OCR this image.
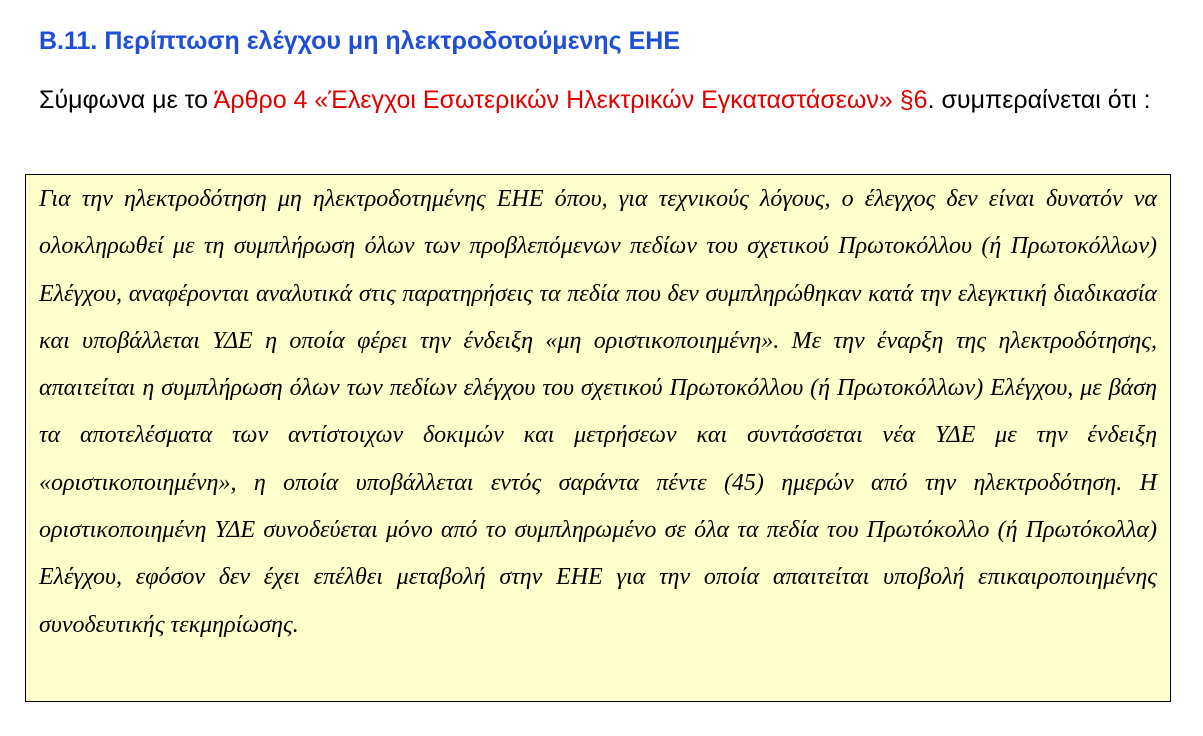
B.11. Περίπτωση ελέγχου μη ηλεκτροδοτούμενης ΕΗΕ

Σύμφωνα με το Άρθρο 4 «Έλεγχοι Εσωτερικών Ηλεκτρικών Εγκαταστάσεων» §6. συμπεραίνεται ότι :

Για την ηλεκτροδότηση μη ηλεκτροδοτημένης ΕΗΕ όπου, για τεχνικούς λόγους, ο έλεγχος δεν είναι δυνατόν να ολοκληρωθεί με τη συμπλήρωση όλων των προβλεπόμενων πεδίων του σχετικού Πρωτοκόλλου (ή Πρωτοκόλλων) Ελέγχου, αναφέρονται αναλυτικά στις παρατηρήσεις τα πεδία που δεν συμπληρώθηκαν κατά την ελεγκτική διαδικασία και υποβάλλεται ΥΔΕ η οποία φέρει την ένδειξη «μη οριστικοποιημένη». Με την έναρξη της ηλεκτροδότησης, απαιτείται η συμπλήρωση όλων των πεδίων ελέγχου του σχετικού Πρωτοκόλλου (ή Πρωτοκόλλων) Ελέγχου, με βάση τα αποτελέσματα των αντίστοιχων δοκιμών και μετρήσεων και συντάσσεται νέα ΥΔΕ με την ένδειξη «οριστικοποιημένη», η οποία υποβάλλεται εντός σαράντα πέντε (45) ημερών από την ηλεκτροδότηση. Η οριστικοποιημένη ΥΔΕ συνοδεύεται μόνο από το συμπληρωμένο σε όλα τα πεδία του Πρωτόκολλο (ή Πρωτόκολλα) Ελέγχου, εφόσον δεν έχει επέλθει μεταβολή στην ΕΗΕ για την οποία απαιτείται υποβολή επικαιροποιημένης συνοδευτικής τεκμηρίωσης.
